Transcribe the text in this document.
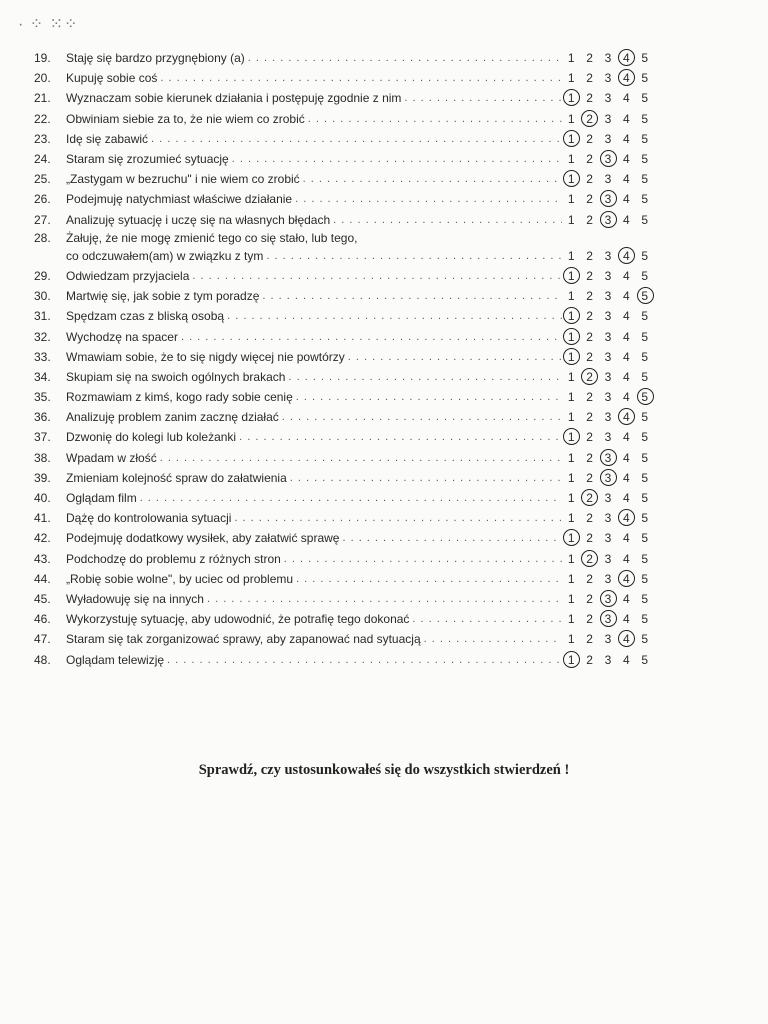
· ⁘ ⁙⁘
19.	Staję się bardzo przygnębiony (a) . . .	1 2 3 4 5
20.	Kupuję sobie coś . . .	1 2 3 4 5
21.	Wyznaczam sobie kierunek działania i postępuję zgodnie z nim . . .	1 2 3 4 5
22.	Obwiniam siebie za to, że nie wiem co zrobić . . .	1 2 3 4 5
23.	Idę się zabawić . . .	1 2 3 4 5
24.	Staram się zrozumieć sytuację . . .	1 2 3 4 5
25.	„Zastygam w bezruchu" i nie wiem co zrobić . . .	1 2 3 4 5
26.	Podejmuję natychmiast właściwe działanie . . .	1 2 3 4 5
27.	Analizuję sytuację i uczę się na własnych błędach . . .	1 2 3 4 5
28.	Żałuję, że nie mogę zmienić tego co się stało, lub tego,
co odczuwałem(am) w związku z tym . . .	1 2 3 4 5
29.	Odwiedzam przyjaciela . . .	1 2 3 4 5
30.	Martwię się, jak sobie z tym poradzę . . .	1 2 3 4 5
31.	Spędzam czas z bliską osobą . . .	1 2 3 4 5
32.	Wychodzę na spacer . . .	1 2 3 4 5
33.	Wmawiam sobie, że to się nigdy więcej nie powtórzy . . .	1 2 3 4 5
34.	Skupiam się na swoich ogólnych brakach . . .	1 2 3 4 5
35.	Rozmawiam z kimś, kogo rady sobie cenię . . .	1 2 3 4 5
36.	Analizuję problem zanim zacznę działać . . .	1 2 3 4 5
37.	Dzwonię do kolegi lub koleżanki . . .	1 2 3 4 5
38.	Wpadam w złość . . .	1 2 3 4 5
39.	Zmieniam kolejność spraw do załatwienia . . .	1 2 3 4 5
40.	Oglądam film . . .	1 2 3 4 5
41.	Dążę do kontrolowania sytuacji . . .	1 2 3 4 5
42.	Podejmuję dodatkowy wysiłek, aby załatwić sprawę . . .	1 2 3 4 5
43.	Podchodzę do problemu z różnych stron . . .	1 2 3 4 5
44.	„Robię sobie wolne", by uciec od problemu . . .	1 2 3 4 5
45.	Wyładowuję się na innych . . .	1 2 3 4 5
46.	Wykorzystuję sytuację, aby udowodnić, że potrafię tego dokonać . . .	1 2 3 4 5
47.	Staram się tak zorganizować sprawy, aby zapanować nad sytuacją . . .	1 2 3 4 5
48.	Oglądam telewizję . . .	1 2 3 4 5
Sprawdź, czy ustosunkowałeś się do wszystkich stwierdzeń !
